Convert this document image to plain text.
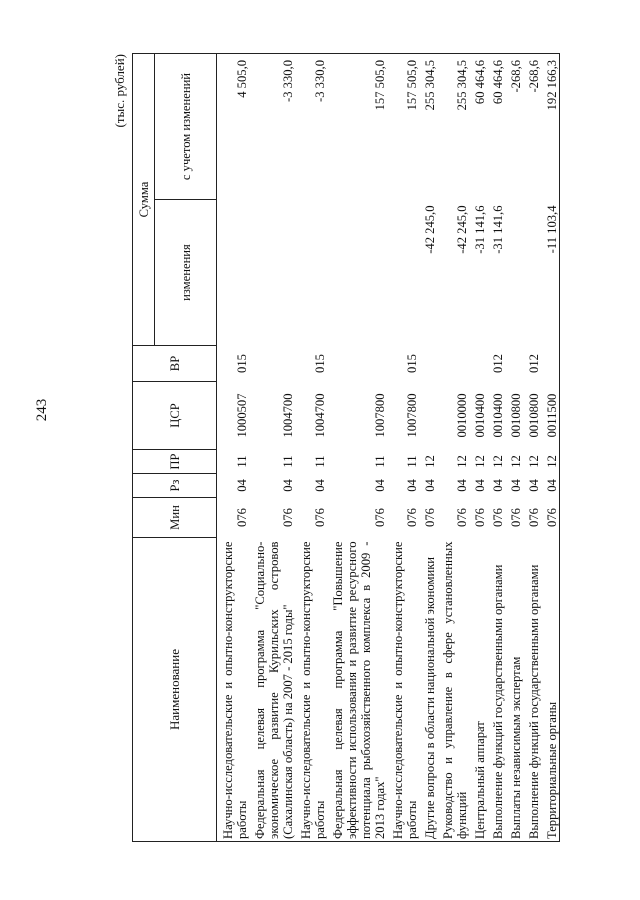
243
(тыс. рублей)
Наименование	Мин	Рз	ПР	ЦСР	ВР	Сумма	
						изменения	с учетом изменений
Научно-исследовательские и опытно-конструкторские работы	076	04	11	1000507	015		4 505,0
Федеральная целевая программа "Социально-экономическое развитие Курильских островов (Сахалинская область) на 2007 - 2015 годы"	076	04	11	1004700			-3 330,0
Научно-исследовательские и опытно-конструкторские работы	076	04	11	1004700	015		-3 330,0
Федеральная целевая программа "Повышение эффективности использования и развитие ресурсного потенциала рыбохозяйственного комплекса в 2009 - 2013 годах"	076	04	11	1007800			157 505,0
Научно-исследовательские и опытно-конструкторские работы	076	04	11	1007800	015		157 505,0
Другие вопросы в области национальной экономики	076	04	12			-42 245,0	255 304,5
Руководство и управление в сфере установленных функций	076	04	12	0010000		-42 245,0	255 304,5
Центральный аппарат	076	04	12	0010400		-31 141,6	60 464,6
Выполнение функций государственными органами	076	04	12	0010400	012	-31 141,6	60 464,6
Выплаты независимым экспертам	076	04	12	0010800			-268,6
Выполнение функций государственными органами	076	04	12	0010800	012		-268,6
Территориальные органы	076	04	12	0011500		-11 103,4	192 166,3
